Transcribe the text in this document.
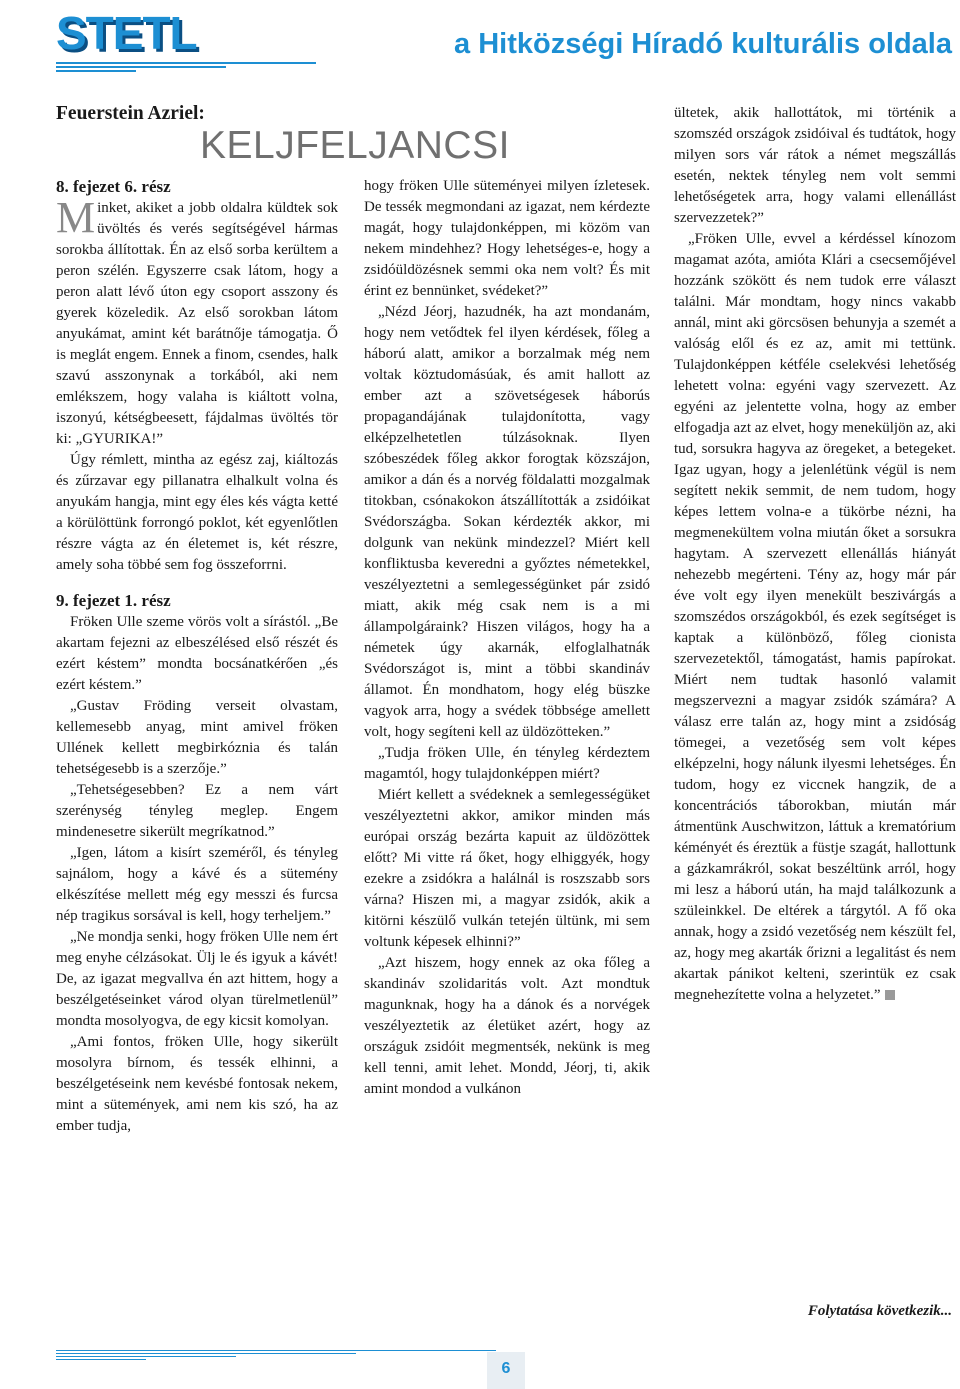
STETL	a Hitközségi Híradó kulturális oldala
Feuerstein Azriel:
KELJFELJANCSI
8. fejezet 6. rész

Minket, akiket a jobb oldalra küldtek sok üvöltés és verés segítségével hármas sorokba állítottak. Én az első sorba kerültem a peron szélén. Egyszerre csak látom, hogy a peron alatt lévő úton egy csoport asszony és gyerek közeledik. Az első sorokban látom anyukámat, amint két barátnője támogatja. Ő is meglát engem. Ennek a finom, csendes, halk szavú asszonynak a torkából, aki nem emlékszem, hogy valaha is kiáltott volna, iszonyú, kétségbeesett, fájdalmas üvöltés tör ki: „GYURIKA!”

Úgy rémlett, mintha az egész zaj, kiáltozás és zűrzavar egy pillanatra elhalkult volna és anyukám hangja, mint egy éles kés vágta ketté a körülöttünk forrongó poklot, két egyenlőtlen részre vágta az én életemet is, két részre, amely soha többé sem fog összeforrni.

9. fejezet 1. rész

Fröken Ulle szeme vörös volt a sírástól. „Be akartam fejezni az elbeszélésed első részét és ezért késtem” mondta bocsánatkérően „és ezért késtem.”

„Gustav Fröding verseit olvastam, kellemesebb anyag, mint amivel fröken Ullének kellett megbirkóznia és talán tehetségesebb is a szerzője.”

„Tehetségesebben? Ez a nem várt szerénység tényleg meglep. Engem mindenesetre sikerült megríkatnod.”

„Igen, látom a kisírt szeméről, és tényleg sajnálom, hogy a kávé és a sütemény elkészítése mellett még egy messzi és furcsa nép tragikus sorsával is kell, hogy terheljem.”

„Ne mondja senki, hogy fröken Ulle nem ért meg enyhe célzásokat. Ülj le és igyuk a kávét! De, az igazat megvallva én azt hittem, hogy a beszélgetéseinket várod olyan türelmetlenül” mondta mosolyogva, de egy kicsit komolyan.

„Ami fontos, fröken Ulle, hogy sikerült mosolyra bírnom, és tessék elhinni, a beszélgetéseink nem kevésbé fontosak nekem, mint a sütemények, ami nem kis szó, ha az ember tudja,

hogy fröken Ulle süteményei milyen ízletesek. De tessék megmondani az igazat, nem kérdezte magát, hogy tulajdonképpen, mi közöm van nekem mindehhez? Hogy lehetséges-e, hogy a zsidóüldözésnek semmi oka nem volt? És mit érint ez bennünket, svédeket?”

„Nézd Jéorj, hazudnék, ha azt mondanám, hogy nem vetődtek fel ilyen kérdések, főleg a háború alatt, amikor a borzalmak még nem voltak köztudomásúak, és amit hallott az ember azt a szövetségesek háborús propagandájának tulajdonította, vagy elképzelhetetlen túlzásoknak. Ilyen szóbeszédek főleg akkor forogtak közszájon, amikor a dán és a norvég földalatti mozgalmak titokban, csónakokon átszállították a zsidóikat Svédországba. Sokan kérdezték akkor, mi dolgunk van nekünk mindezzel? Miért kell konfliktusba keveredni a győztes németekkel, veszélyeztetni a semlegességünket pár zsidó miatt, akik még csak nem is a mi állampolgáraink? Hiszen világos, hogy ha a németek úgy akarnák, elfoglalhatnák Svédországot is, mint a többi skandináv államot. Én mondhatom, hogy elég büszke vagyok arra, hogy a svédek többsége amellett volt, hogy segíteni kell az üldözötteken.”

„Tudja fröken Ulle, én tényleg kérdeztem magamtól, hogy tulajdonképpen miért?

Miért kellett a svédeknek a semlegességüket veszélyeztetni akkor, amikor minden más európai ország bezárta kapuit az üldözöttek előtt? Mi vitte rá őket, hogy elhiggyék, hogy ezekre a zsidókra a halálnál is roszszabb sors várna? Hiszen mi, a magyar zsidók, akik a kitörni készülő vulkán tetején ültünk, mi sem voltunk képesek elhinni?”

„Azt hiszem, hogy ennek az oka főleg a skandináv szolidaritás volt. Azt mondtuk magunknak, hogy ha a dánok és a norvégek veszélyeztetik az életüket azért, hogy az országuk zsidóit megmentsék, nekünk is meg kell tenni, amit lehet. Mondd, Jéorj, ti, akik amint mondod a vulkánon

ültetek, akik hallottátok, mi történik a szomszéd országok zsidóival és tudtátok, hogy milyen sors vár rátok a német megszállás esetén, nektek tényleg nem volt semmi lehetőségetek arra, hogy valami ellenállást szervezzetek?”

„Fröken Ulle, evvel a kérdéssel kínozom magamat azóta, amióta Klári a csecsemőjével hozzánk szökött és nem tudok erre választ találni. Már mondtam, hogy nincs vakabb annál, mint aki görcsösen behunyja a szemét a valóság elől és ez az, amit mi tettünk. Tulajdonképpen kétféle cselekvési lehetőség lehetett volna: egyéni vagy szervezett. Az egyéni az jelentette volna, hogy az ember elfogadja azt az elvet, hogy meneküljön az, aki tud, sorsukra hagyva az öregeket, a betegeket. Igaz ugyan, hogy a jelenlétünk végül is nem segített nekik semmit, de nem tudom, hogy képes lettem volna-e a tükörbe nézni, ha megmenekültem volna miután őket a sorsukra hagytam. A szervezett ellenállás hiányát nehezebb megérteni. Tény az, hogy már pár éve volt egy ilyen menekült beszivárgás a szomszédos országokból, és ezek segítséget is kaptak a különböző, főleg cionista szervezetektől, támogatást, hamis papírokat. Miért nem tudtak hasonló valamit megszervezni a magyar zsidók számára? A válasz erre talán az, hogy mint a zsidóság tömegei, a vezetőség sem volt képes elképzelni, hogy nálunk ilyesmi lehetséges. Én tudom, hogy ez viccnek hangzik, de a koncentrációs táborokban, miután már átmentünk Auschwitzon, láttuk a krematórium kéményét és éreztük a füstje szagát, hallottunk a gázkamrákról, sokat beszéltünk arról, hogy mi lesz a háború után, ha majd találkozunk a szüleinkkel. De eltérek a tárgytól. A fő oka annak, hogy a zsidó vezetőség nem készült fel, az, hogy meg akarták őrizni a legalitást és nem akartak pánikot kelteni, szerintük ez csak megnehezítette volna a helyzetet.”

Folytatása következik...
6
